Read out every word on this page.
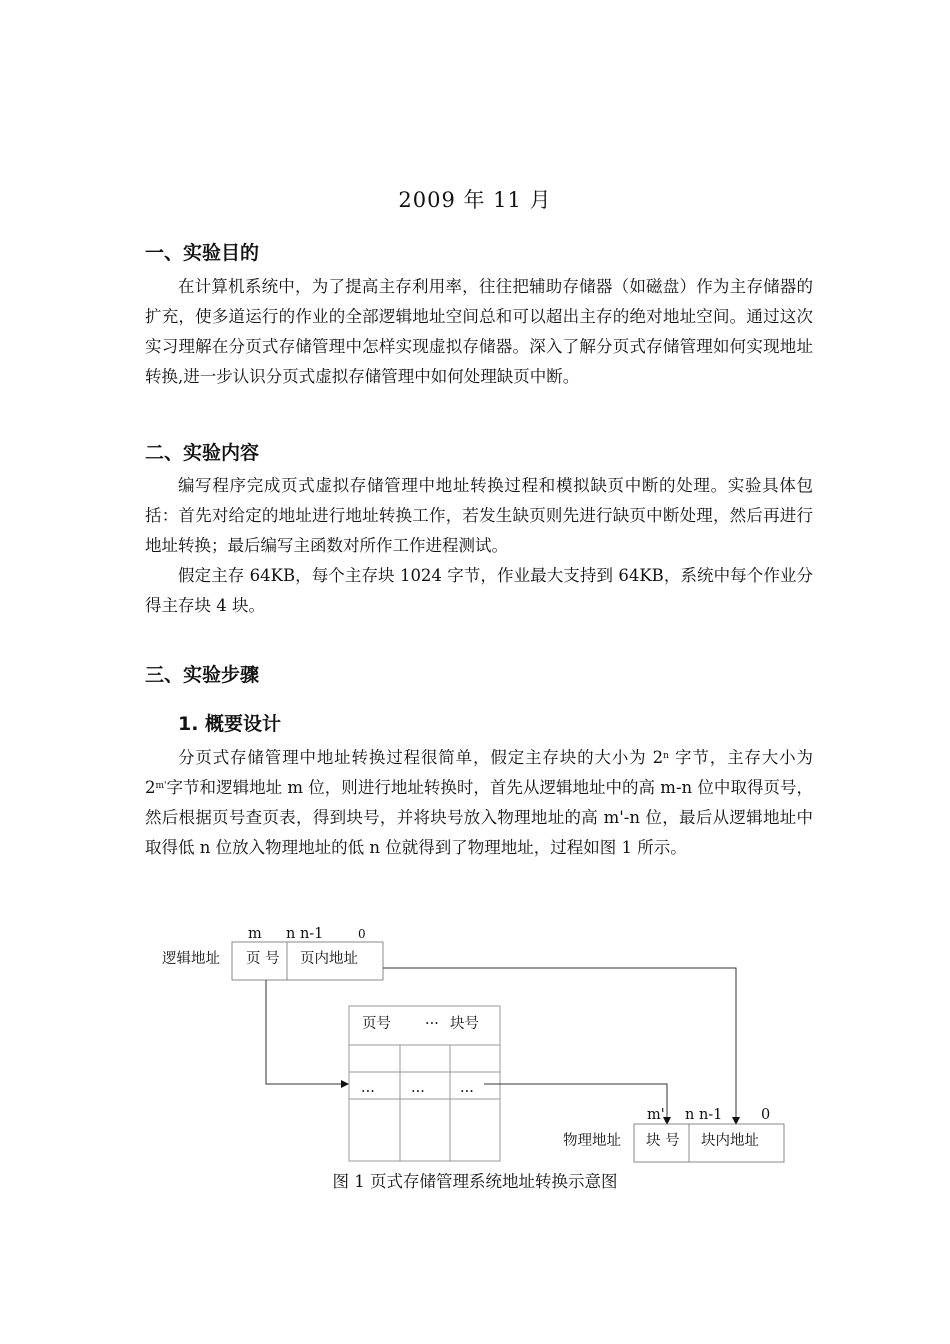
2009 年 11 月
一、实验目的
在计算机系统中，为了提高主存利用率，往往把辅助存储器（如磁盘）作为主存储器的扩充，使多道运行的作业的全部逻辑地址空间总和可以超出主存的绝对地址空间。通过这次实习理解在分页式存储管理中怎样实现虚拟存储器。深入了解分页式存储管理如何实现地址转换,进一步认识分页式虚拟存储管理中如何处理缺页中断。
二、实验内容
编写程序完成页式虚拟存储管理中地址转换过程和模拟缺页中断的处理。实验具体包括：首先对给定的地址进行地址转换工作，若发生缺页则先进行缺页中断处理，然后再进行地址转换；最后编写主函数对所作工作进程测试。
假定主存 64KB，每个主存块 1024 字节，作业最大支持到 64KB，系统中每个作业分得主存块 4 块。
三、实验步骤
1. 概要设计
分页式存储管理中地址转换过程很简单，假定主存块的大小为 2$^n$ 字节，主存大小为 $2^{m'}$字节和逻辑地址 m 位，则进行地址转换时，首先从逻辑地址中的高 m-n 位中取得页号，然后根据页号查页表，得到块号，并将块号放入物理地址的高 m'-n 位，最后从逻辑地址中取得低 n 位放入物理地址的低 n 位就得到了物理地址，过程如图 1 所示。
m n n-1	0
逻辑地址 页 号 页内地址
页号 ··· 块号
··· ··· ···
m' n n-1	0
物理地址 块 号 块内地址
图 1 页式存储管理系统地址转换示意图
